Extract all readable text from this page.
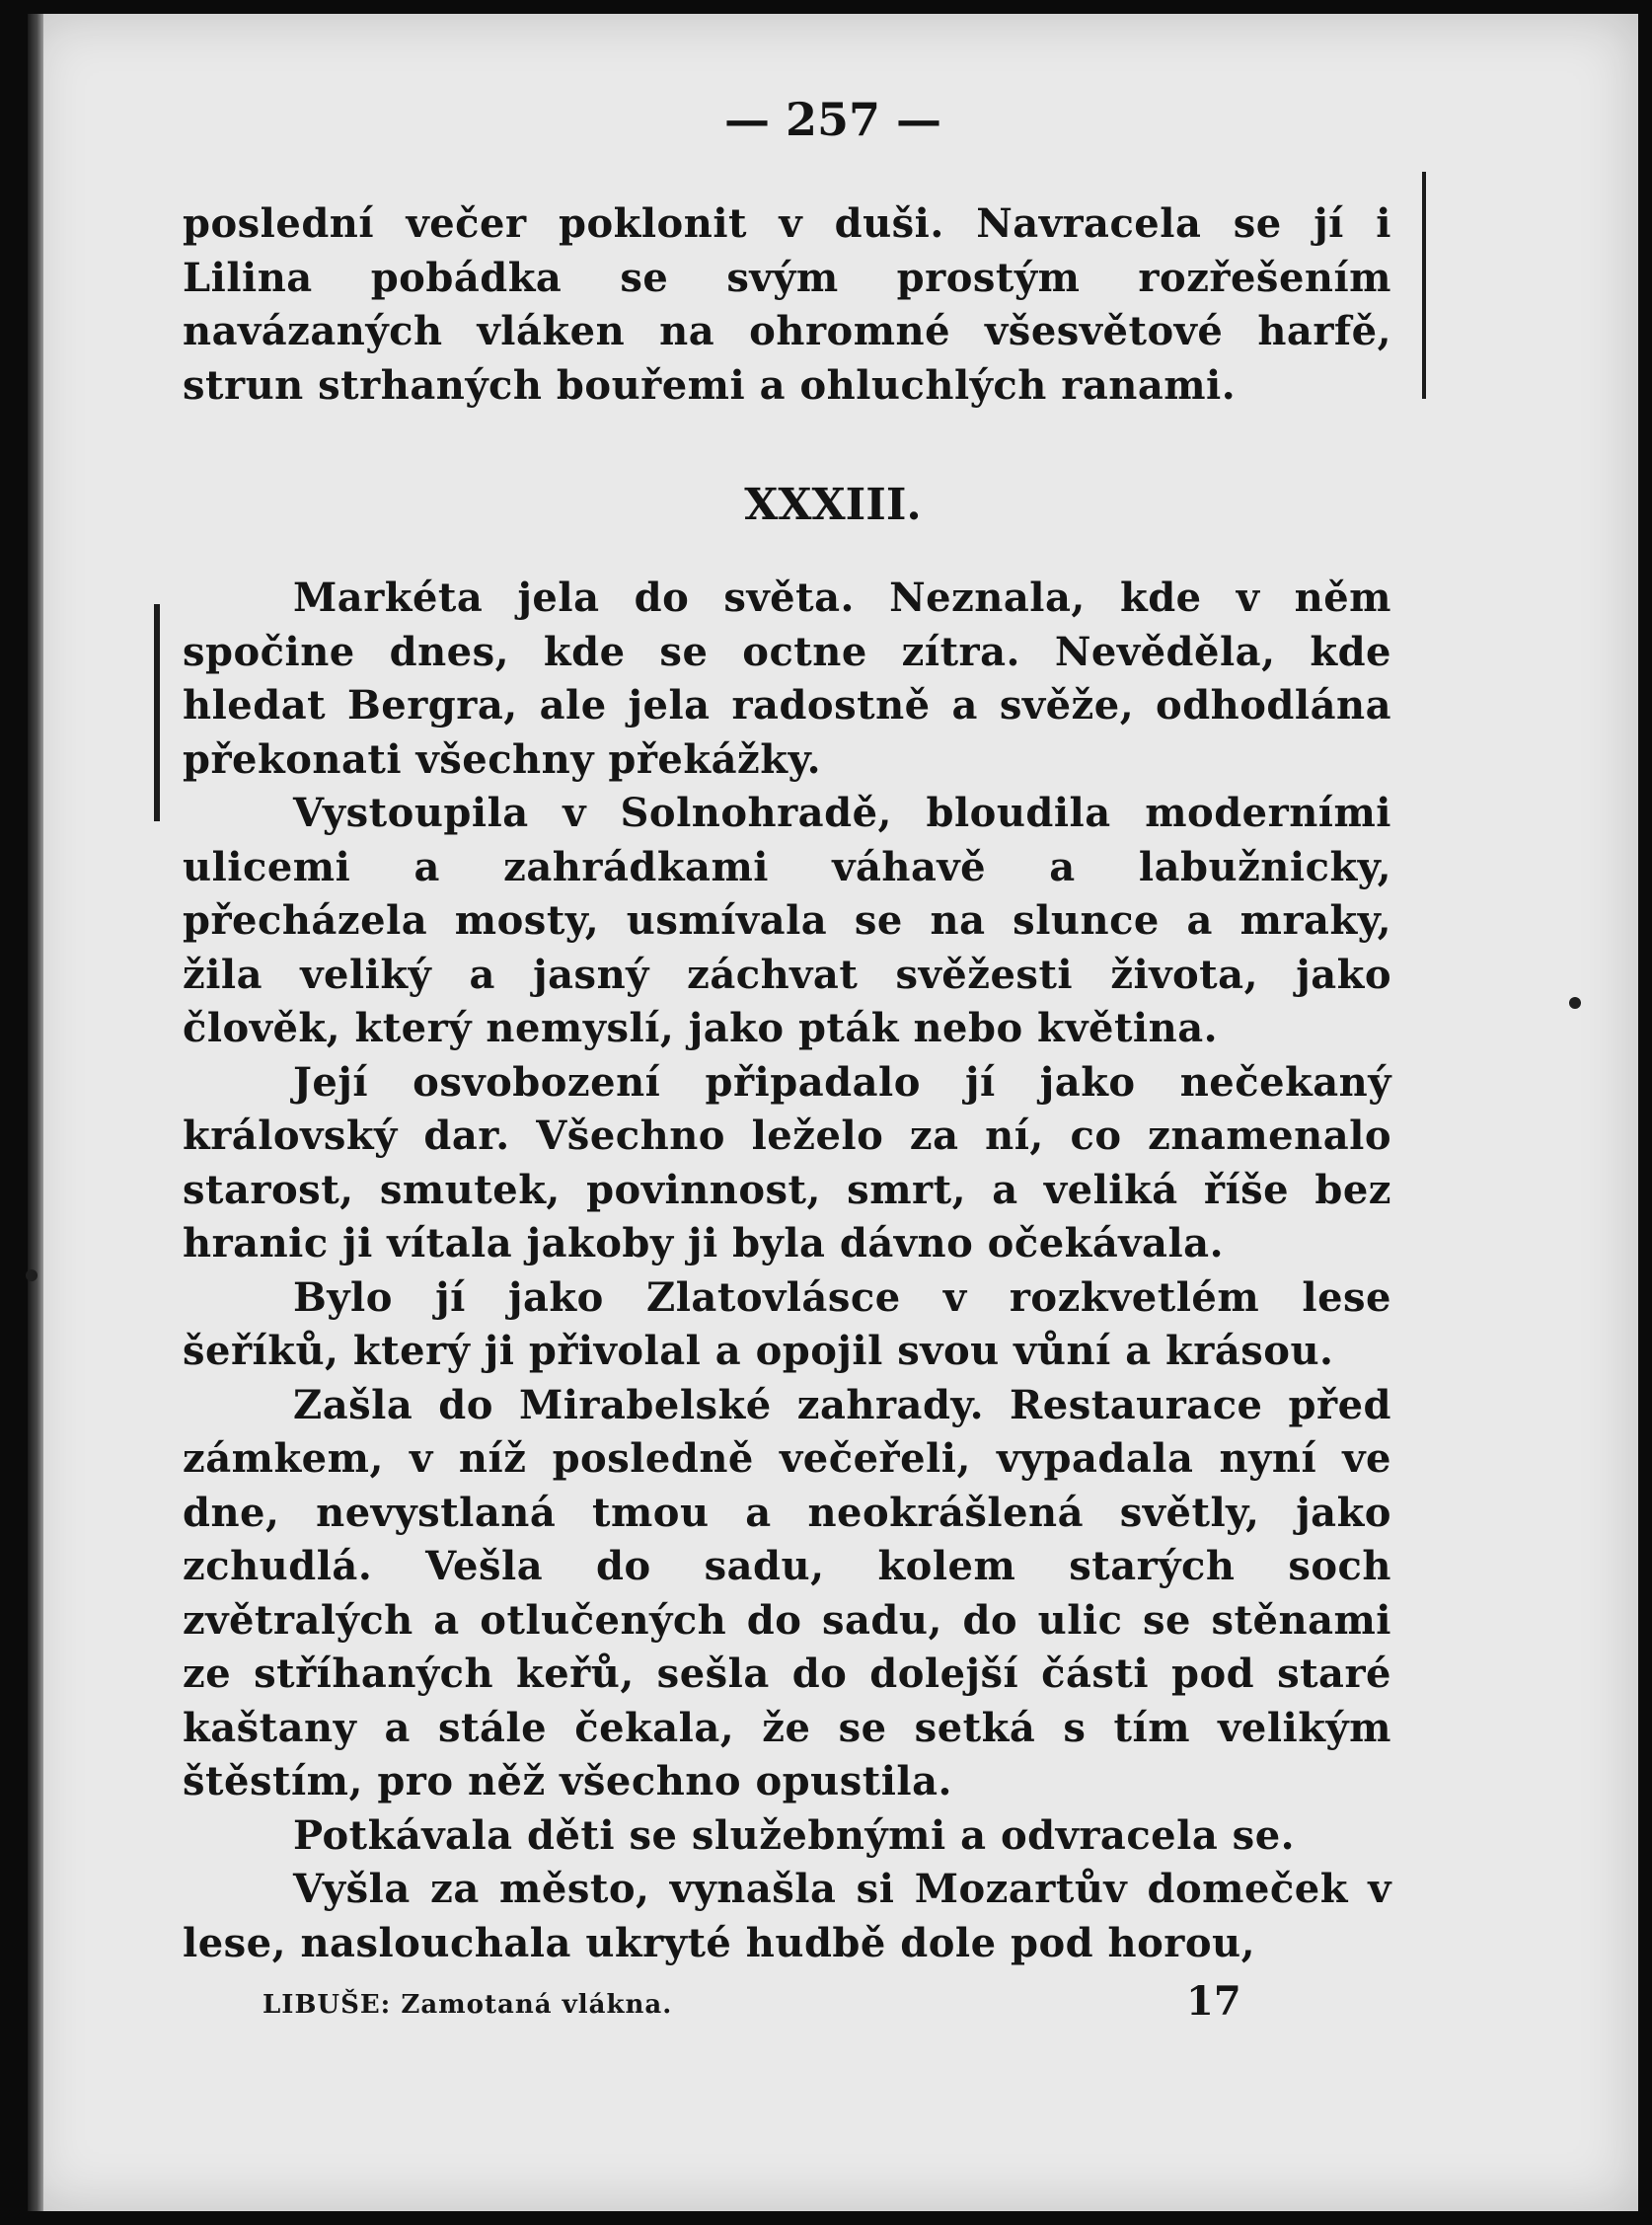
— 257 —

poslední večer poklonit v duši. Navracela se jí i Lilina pobádka se svým prostým rozřešením navázaných vláken na ohromné všesvětové harfě, strun strhaných bouřemi a ohluchlých ranami.

XXXIII.

Markéta jela do světa. Neznala, kde v něm spočine dnes, kde se octne zítra. Nevěděla, kde hledat Bergra, ale jela radostně a svěže, odhodlána překonati všechny překážky.

Vystoupila v Solnohradě, bloudila moderními ulicemi a zahrádkami váhavě a labužnicky, přecházela mosty, usmívala se na slunce a mraky, žila veliký a jasný záchvat svěžesti života, jako člověk, který nemyslí, jako pták nebo květina.

Její osvobození připadalo jí jako nečekaný královský dar. Všechno leželo za ní, co znamenalo starost, smutek, povinnost, smrt, a veliká říše bez hranic ji vítala jakoby ji byla dávno očekávala.

Bylo jí jako Zlatovlásce v rozkvetlém lese šeříků, který ji přivolal a opojil svou vůní a krásou.

Zašla do Mirabelské zahrady. Restaurace před zámkem, v níž posledně večeřeli, vypadala nyní ve dne, nevystlaná tmou a neokrášlená světly, jako zchudlá. Vešla do sadu, kolem starých soch zvětralých a otlučených do sadu, do ulic se stěnami ze stříhaných keřů, sešla do dolejší části pod staré kaštany a stále čekala, že se setká s tím velikým štěstím, pro něž všechno opustila.

Potkávala děti se služebnými a odvracela se.

Vyšla za město, vynašla si Mozartův domeček v lese, naslouchala ukryté hudbě dole pod horou,

LIBUŠE: Zamotaná vlákna.	17
